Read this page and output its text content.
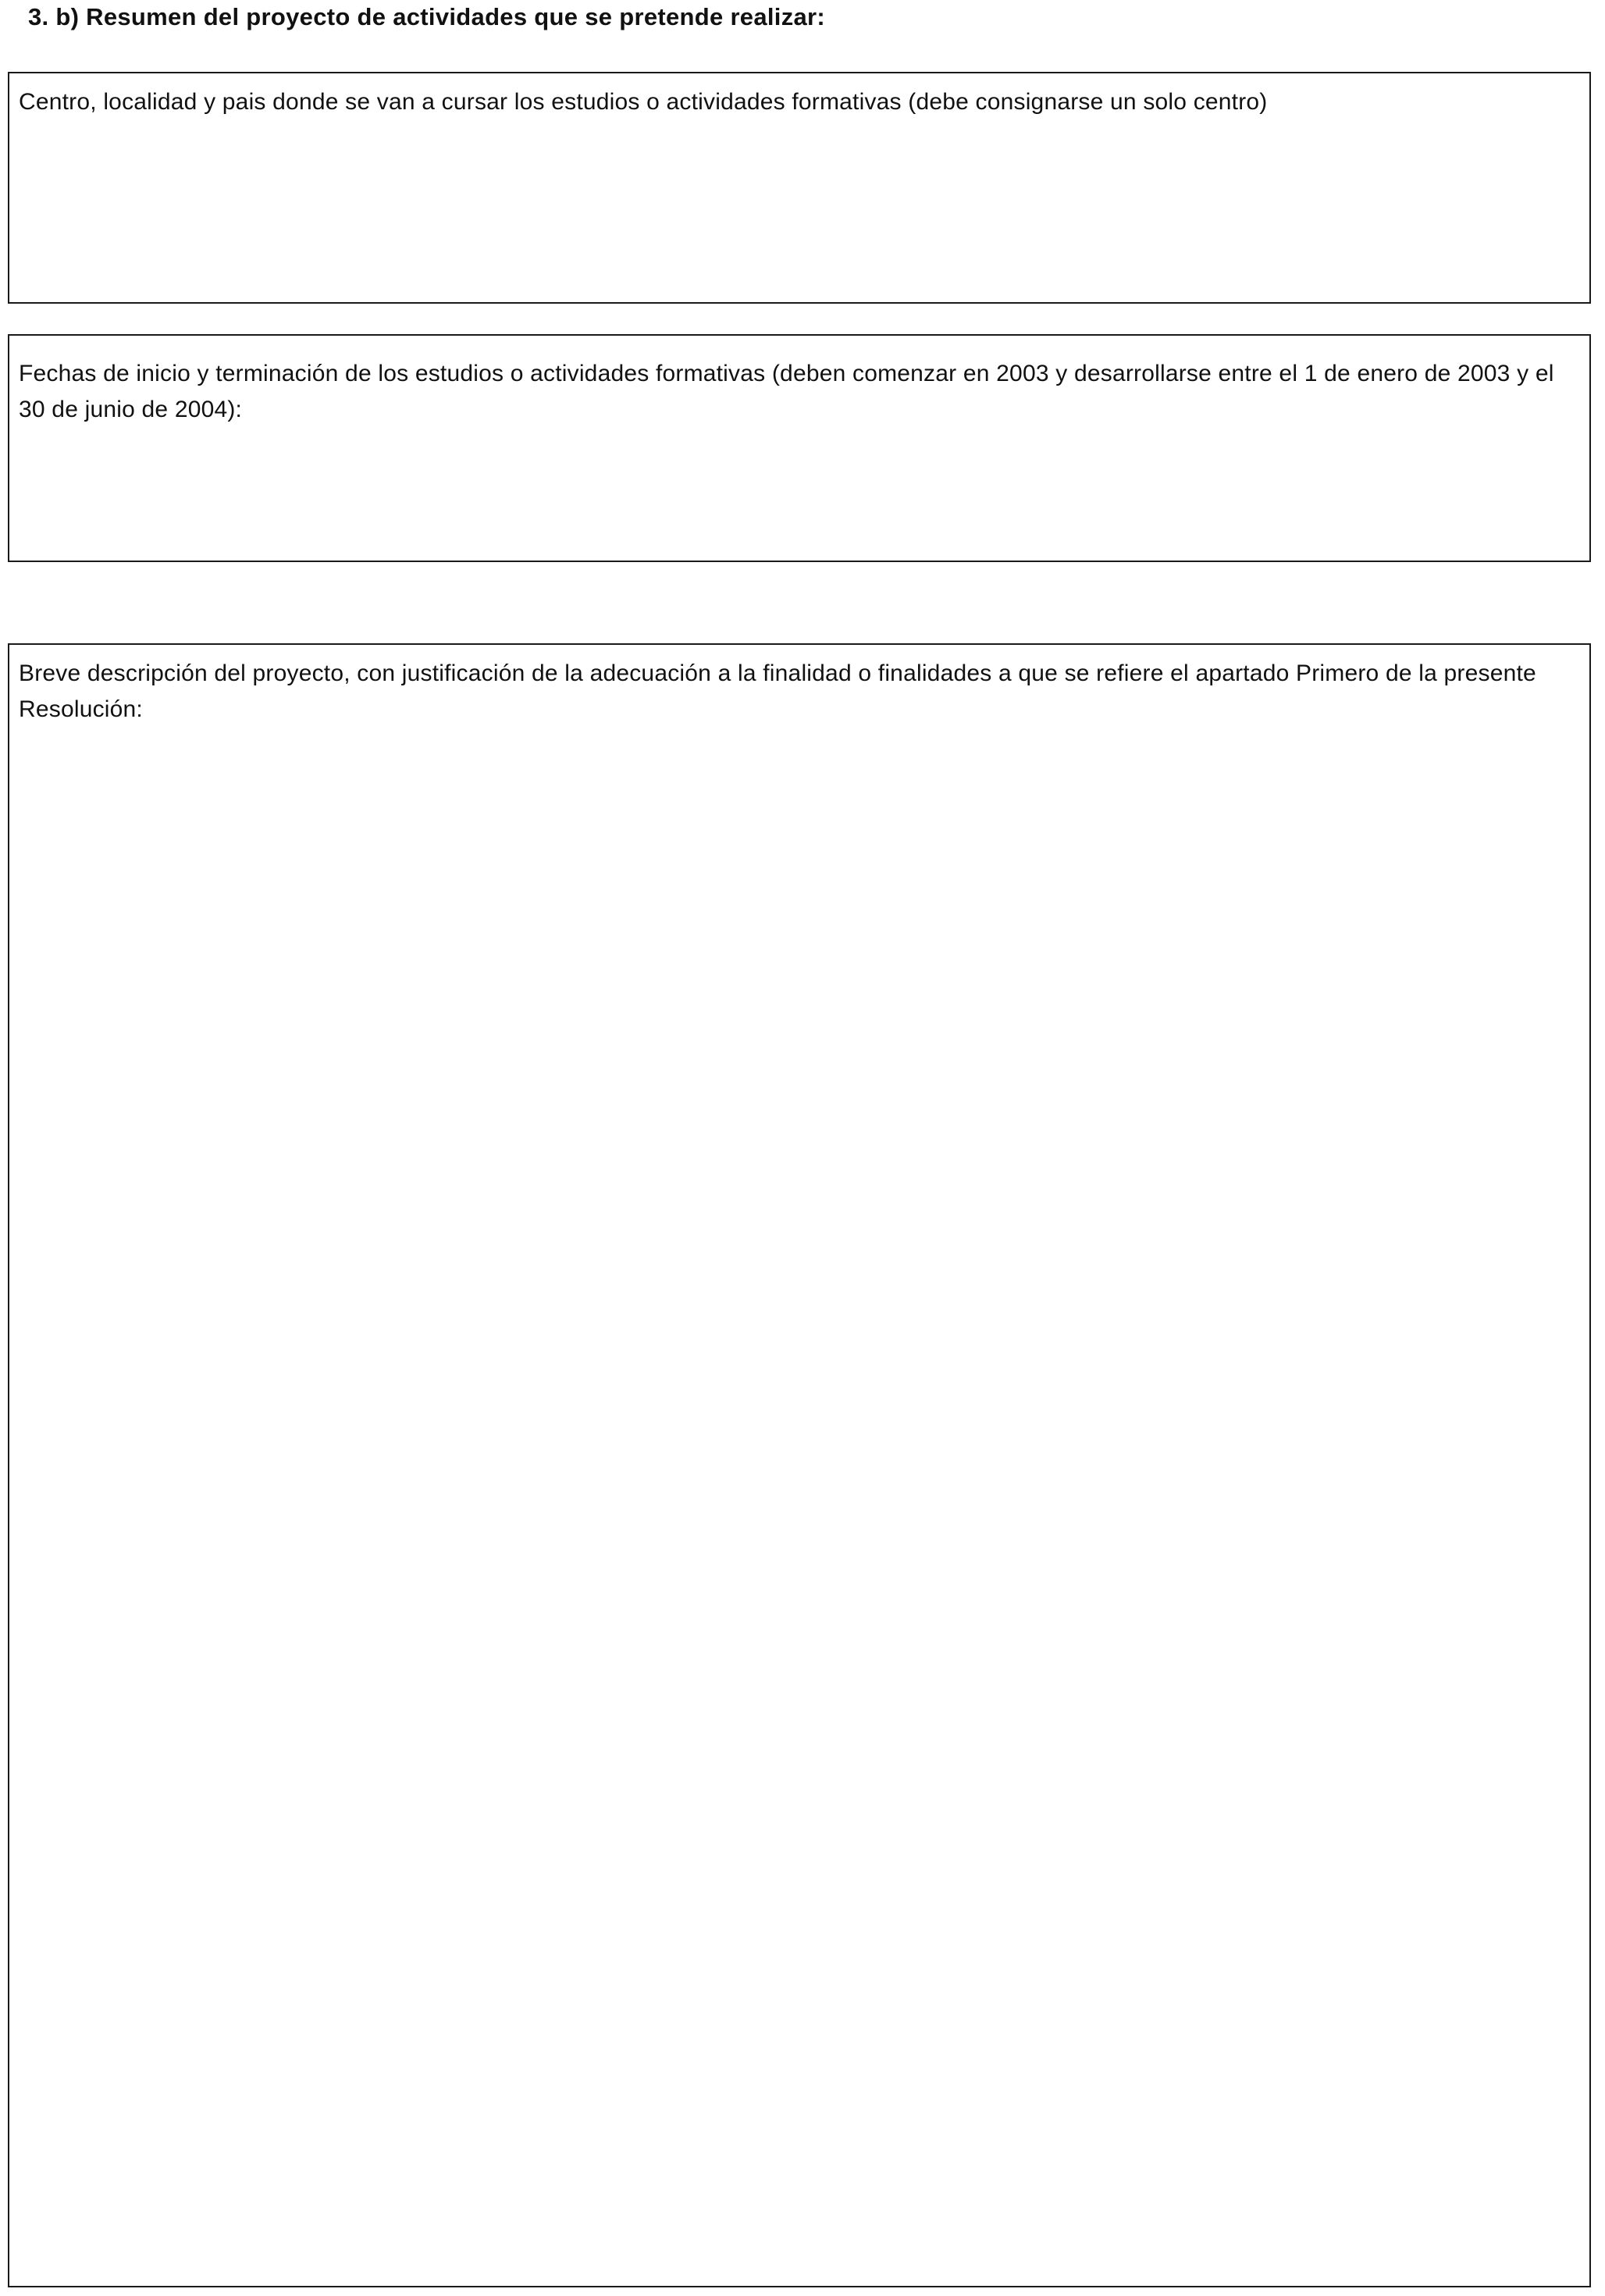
3. b) Resumen del proyecto de actividades que se pretende realizar:
Centro, localidad y pais donde se van a cursar los estudios o actividades formativas (debe consignarse un solo centro)
Fechas de inicio y terminación de los estudios o actividades formativas (deben comenzar en 2003 y desarrollarse entre el 1 de enero de 2003 y el 30 de junio de 2004):
Breve descripción del proyecto, con justificación de la adecuación a la finalidad o finalidades a que se refiere el apartado Primero de la presente Resolución:
